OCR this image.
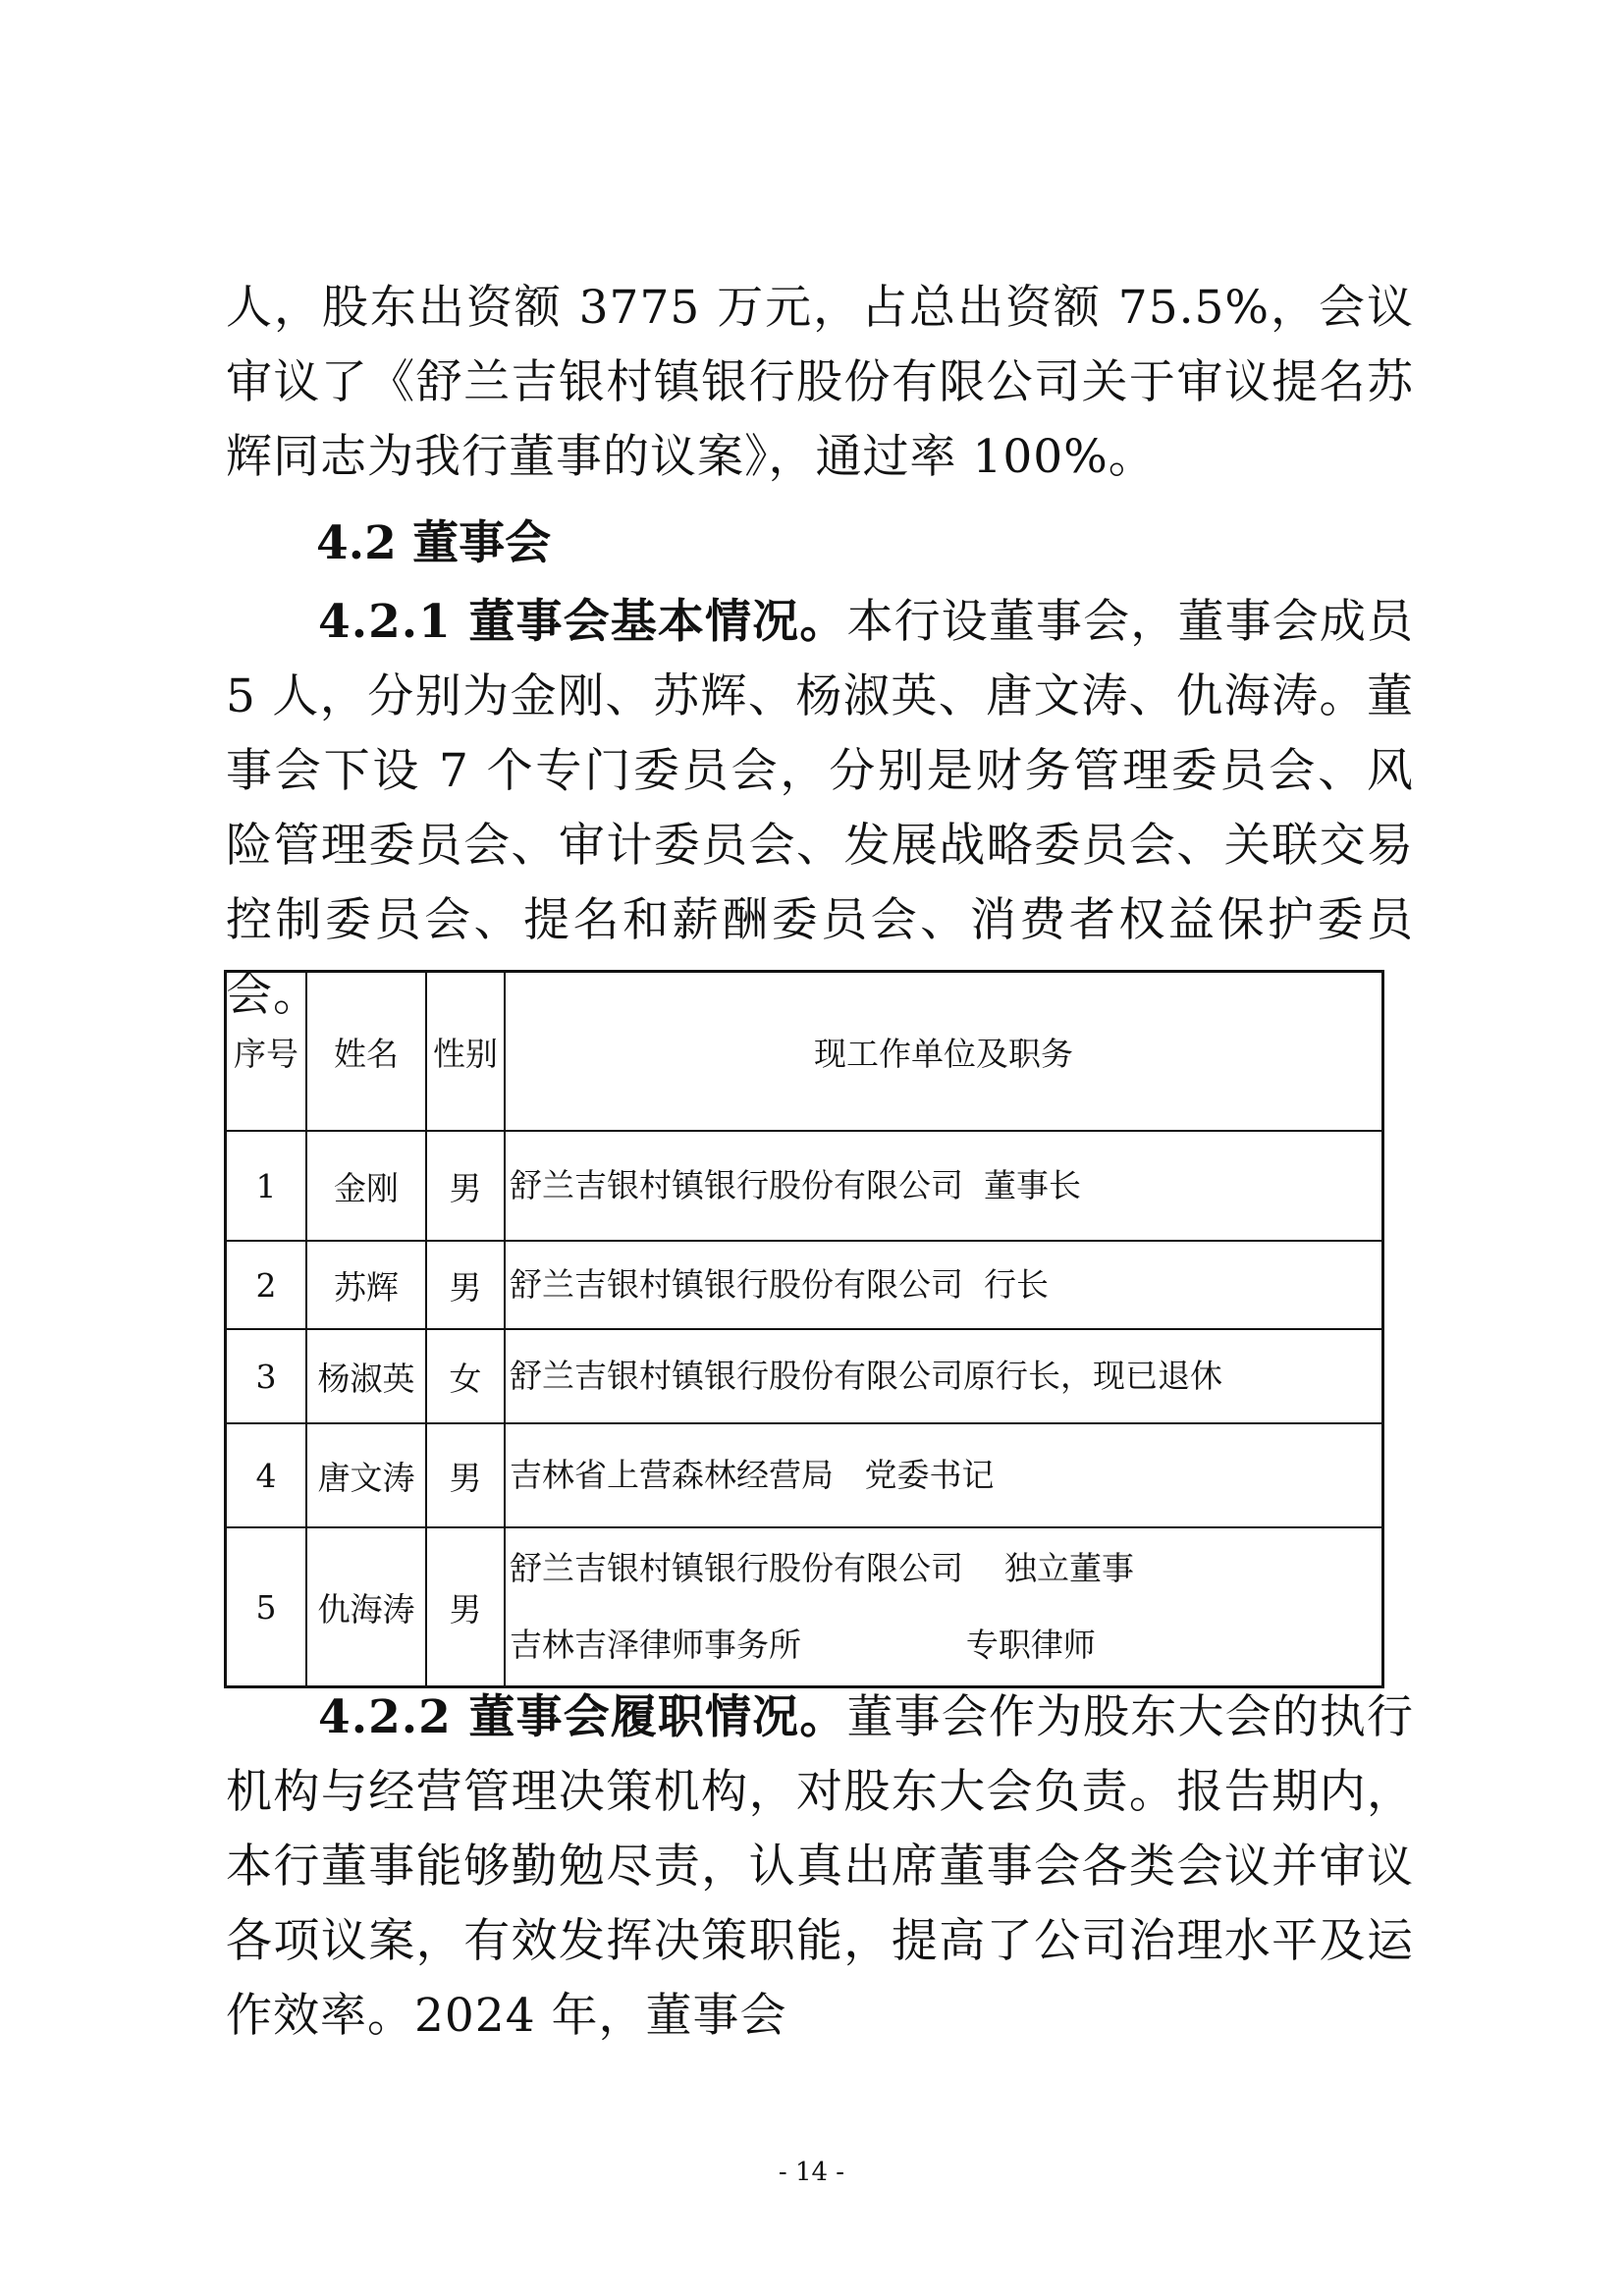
人，股东出资额 3775 万元，占总出资额 75.5%，会议审议了《舒兰吉银村镇银行股份有限公司关于审议提名苏辉同志为我行董事的议案》，通过率 100%。

4.2 董事会

4.2.1 董事会基本情况。本行设董事会，董事会成员 5 人，分别为金刚、苏辉、杨淑英、唐文涛、仇海涛。董事会下设 7 个专门委员会，分别是财务管理委员会、风险管理委员会、审计委员会、发展战略委员会、关联交易控制委员会、提名和薪酬委员会、消费者权益保护委员会。

序号	姓名	性别	现工作单位及职务
1	金刚	男	舒兰吉银村镇银行股份有限公司  董事长

2	苏辉	男	舒兰吉银村镇银行股份有限公司  行长

3	杨淑英	女	舒兰吉银村镇银行股份有限公司原行长，现已退休

4	唐文涛	男	吉林省上营森林经营局   党委书记

5	仇海涛	男	舒兰吉银村镇银行股份有限公司    独立董事
吉林吉泽律师事务所                专职律师

4.2.2 董事会履职情况。董事会作为股东大会的执行机构与经营管理决策机构，对股东大会负责。报告期内，本行董事能够勤勉尽责，认真出席董事会各类会议并审议各项议案，有效发挥决策职能，提高了公司治理水平及运作效率。2024 年，董事会

- 14 -
